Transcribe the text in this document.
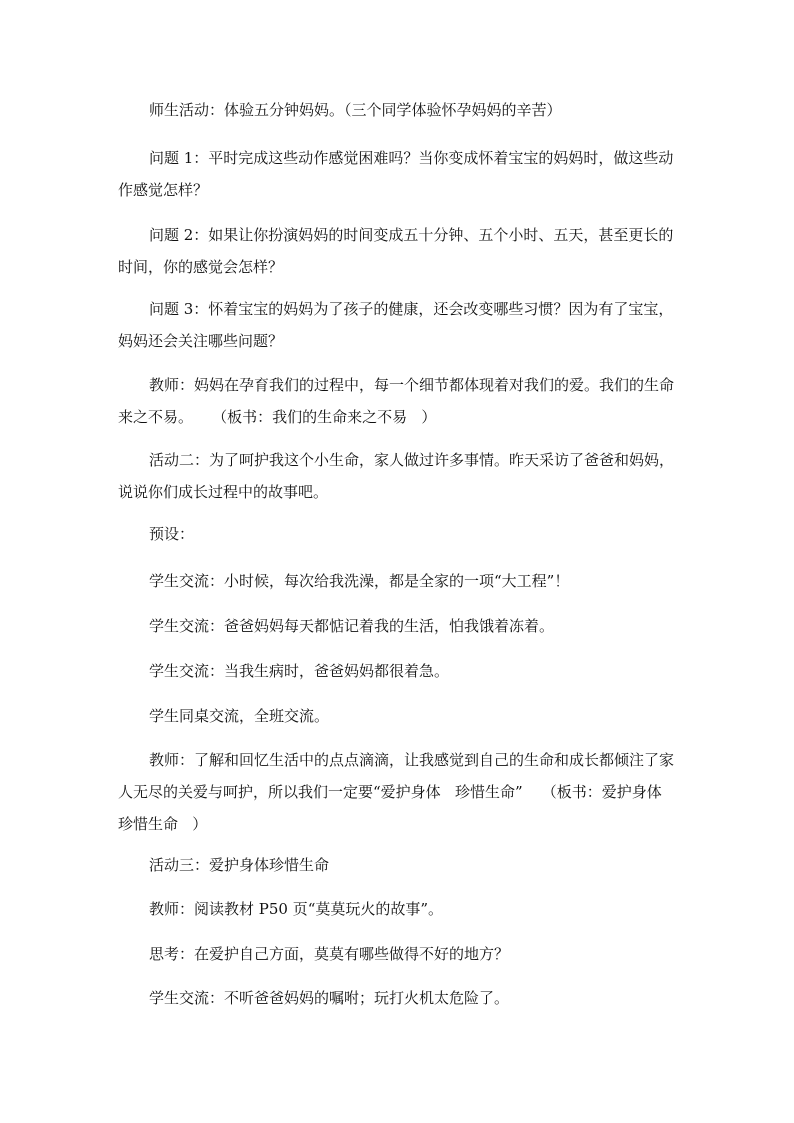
师生活动：体验五分钟妈妈。（三个同学体验怀孕妈妈的辛苦）

问题 1：平时完成这些动作感觉困难吗？当你变成怀着宝宝的妈妈时，做这些动作感觉怎样？

问题 2：如果让你扮演妈妈的时间变成五十分钟、五个小时、五天，甚至更长的时间，你的感觉会怎样？

问题 3：怀着宝宝的妈妈为了孩子的健康，还会改变哪些习惯？因为有了宝宝，妈妈还会关注哪些问题？

教师：妈妈在孕育我们的过程中，每一个细节都体现着对我们的爱。我们的生命来之不易。    （板书：我们的生命来之不易   ）

活动二：为了呵护我这个小生命，家人做过许多事情。昨天采访了爸爸和妈妈，说说你们成长过程中的故事吧。

预设：

学生交流：小时候，每次给我洗澡，都是全家的一项“大工程”！

学生交流：爸爸妈妈每天都惦记着我的生活，怕我饿着冻着。

学生交流：当我生病时，爸爸妈妈都很着急。

学生同桌交流，全班交流。

教师：了解和回忆生活中的点点滴滴，让我感觉到自己的生命和成长都倾注了家人无尽的关爱与呵护，所以我们一定要“爱护身体   珍惜生命”    （板书：爱护身体   珍惜生命   ）

活动三：爱护身体珍惜生命

教师：阅读教材 P50 页“莫莫玩火的故事”。

思考：在爱护自己方面，莫莫有哪些做得不好的地方？

学生交流：不听爸爸妈妈的嘱咐；玩打火机太危险了。
